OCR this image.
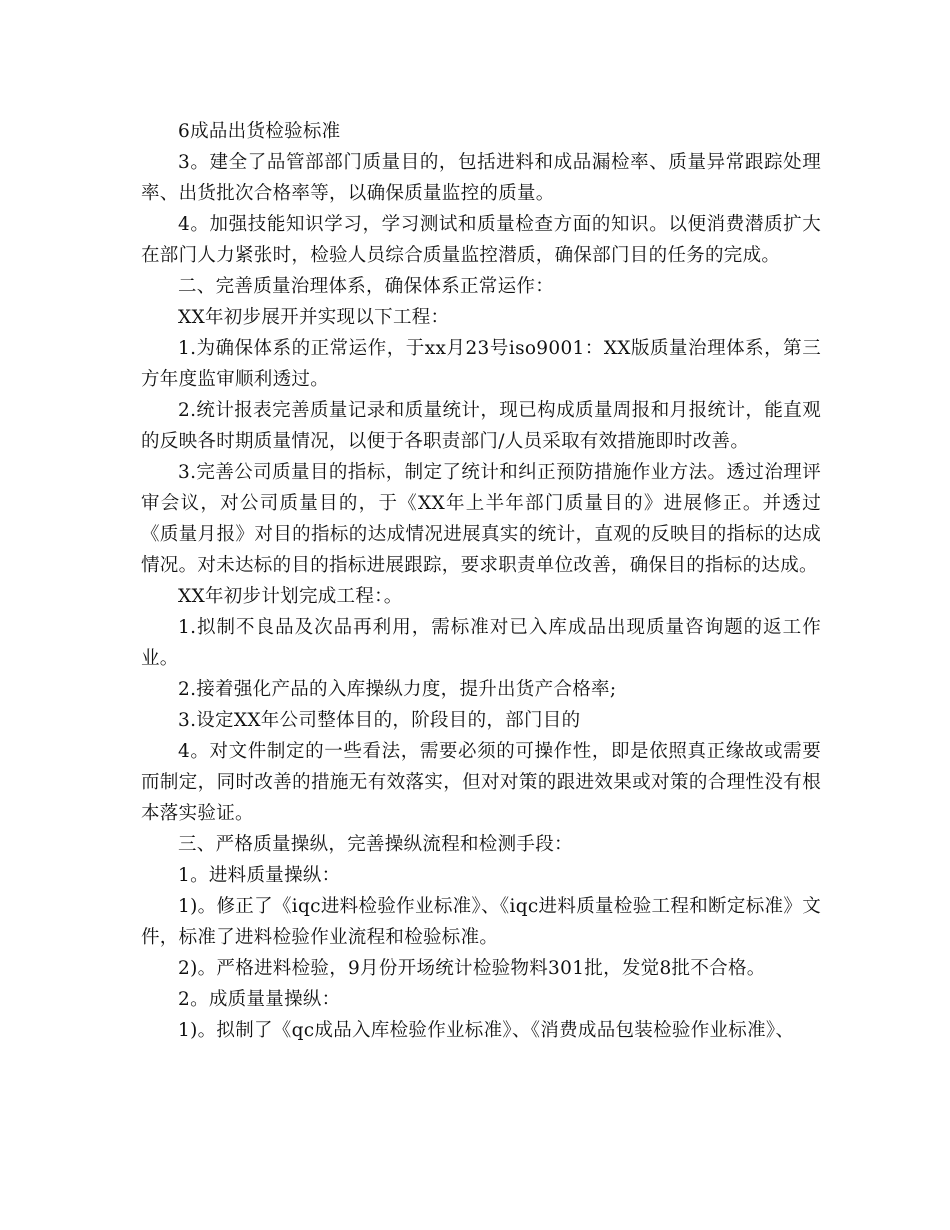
6成品出货检验标准

3。建全了品管部部门质量目的，包括进料和成品漏检率、质量异常跟踪处理率、出货批次合格率等，以确保质量监控的质量。

4。加强技能知识学习，学习测试和质量检查方面的知识。以便消费潜质扩大在部门人力紧张时，检验人员综合质量监控潜质，确保部门目的任务的完成。

二、完善质量治理体系，确保体系正常运作：

XX年初步展开并实现以下工程：

1.为确保体系的正常运作，于xx月23号iso9001：XX版质量治理体系，第三方年度监审顺利透过。

2.统计报表完善质量记录和质量统计，现已构成质量周报和月报统计，能直观的反映各时期质量情况，以便于各职责部门/人员采取有效措施即时改善。

3.完善公司质量目的指标，制定了统计和纠正预防措施作业方法。透过治理评审会议，对公司质量目的，于《XX年上半年部门质量目的》进展修正。并透过《质量月报》对目的指标的达成情况进展真实的统计，直观的反映目的指标的达成情况。对未达标的目的指标进展跟踪，要求职责单位改善，确保目的指标的达成。

XX年初步计划完成工程：。

1.拟制不良品及次品再利用，需标准对已入库成品出现质量咨询题的返工作业。

2.接着强化产品的入库操纵力度，提升出货产合格率;

3.设定XX年公司整体目的，阶段目的，部门目的

4。对文件制定的一些看法，需要必须的可操作性，即是依照真正缘故或需要而制定，同时改善的措施无有效落实，但对对策的跟进效果或对策的合理性没有根本落实验证。

三、严格质量操纵，完善操纵流程和检测手段：

1。进料质量操纵：

1)。修正了《iqc进料检验作业标准》、《iqc进料质量检验工程和断定标准》文件，标准了进料检验作业流程和检验标准。

2)。严格进料检验，9月份开场统计检验物料301批，发觉8批不合格。

2。成质量量操纵：

1)。拟制了《qc成品入库检验作业标准》、《消费成品包装检验作业标准》、
